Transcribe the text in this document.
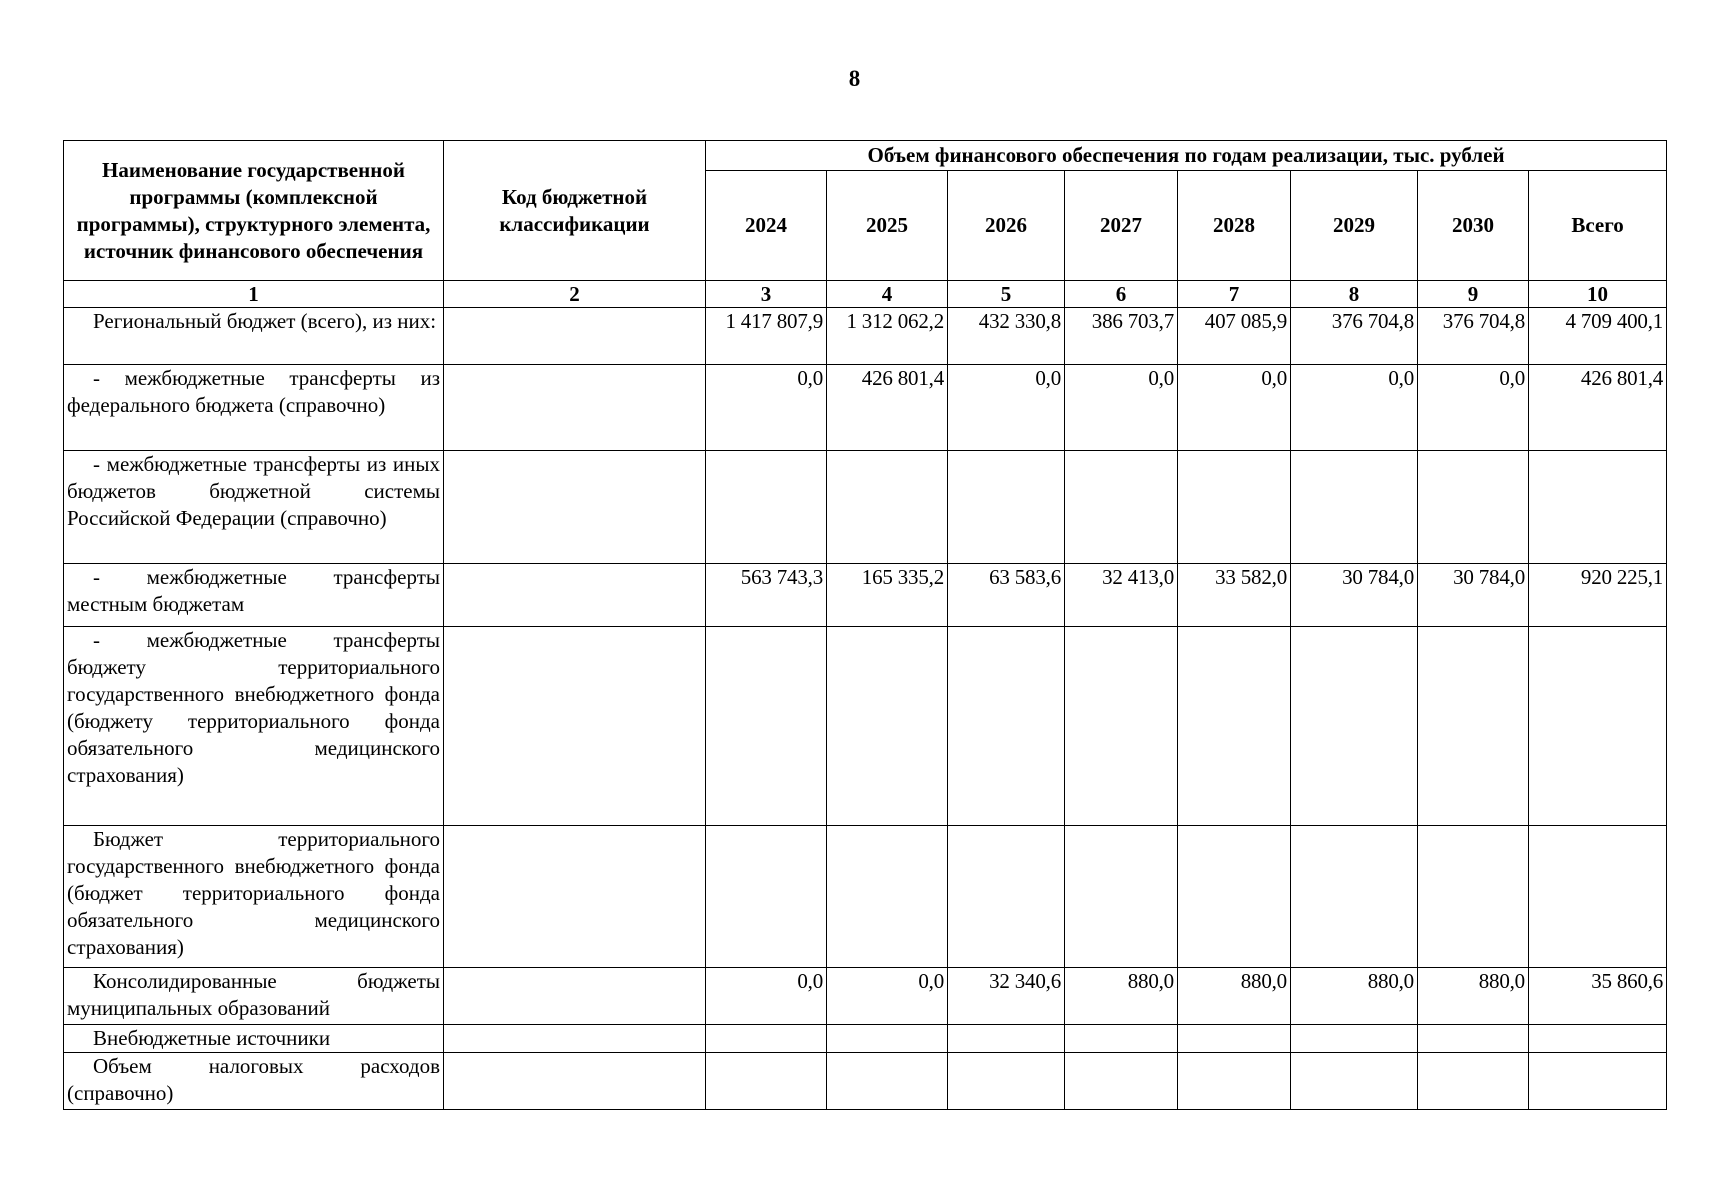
8
Наименование государственной программы (комплексной программы), структурного элемента, источник финансового обеспечения	Код бюджетной классификации	Объем финансового обеспечения по годам реализации, тыс. рублей							
		2024	2025	2026	2027	2028	2029	2030	Всего
1	2	3	4	5	6	7	8	9	10
Региональный бюджет (всего), из них:		1 417 807,9	1 312 062,2	432 330,8	386 703,7	407 085,9	376 704,8	376 704,8	4 709 400,1
- межбюджетные трансферты из федерального бюджета (справочно)		0,0	426 801,4	0,0	0,0	0,0	0,0	0,0	426 801,4
- межбюджетные трансферты из иных бюджетов бюджетной системы Российской Федерации (справочно)									
- межбюджетные трансферты местным бюджетам		563 743,3	165 335,2	63 583,6	32 413,0	33 582,0	30 784,0	30 784,0	920 225,1
- межбюджетные трансферты бюджету территориального государственного внебюджетного фонда (бюджету территориального фонда обязательного медицинского страхования)									
Бюджет территориального государственного внебюджетного фонда (бюджет территориального фонда обязательного медицинского страхования)									
Консолидированные бюджеты муниципальных образований		0,0	0,0	32 340,6	880,0	880,0	880,0	880,0	35 860,6
Внебюджетные источники									
Объем налоговых расходов (справочно)									
